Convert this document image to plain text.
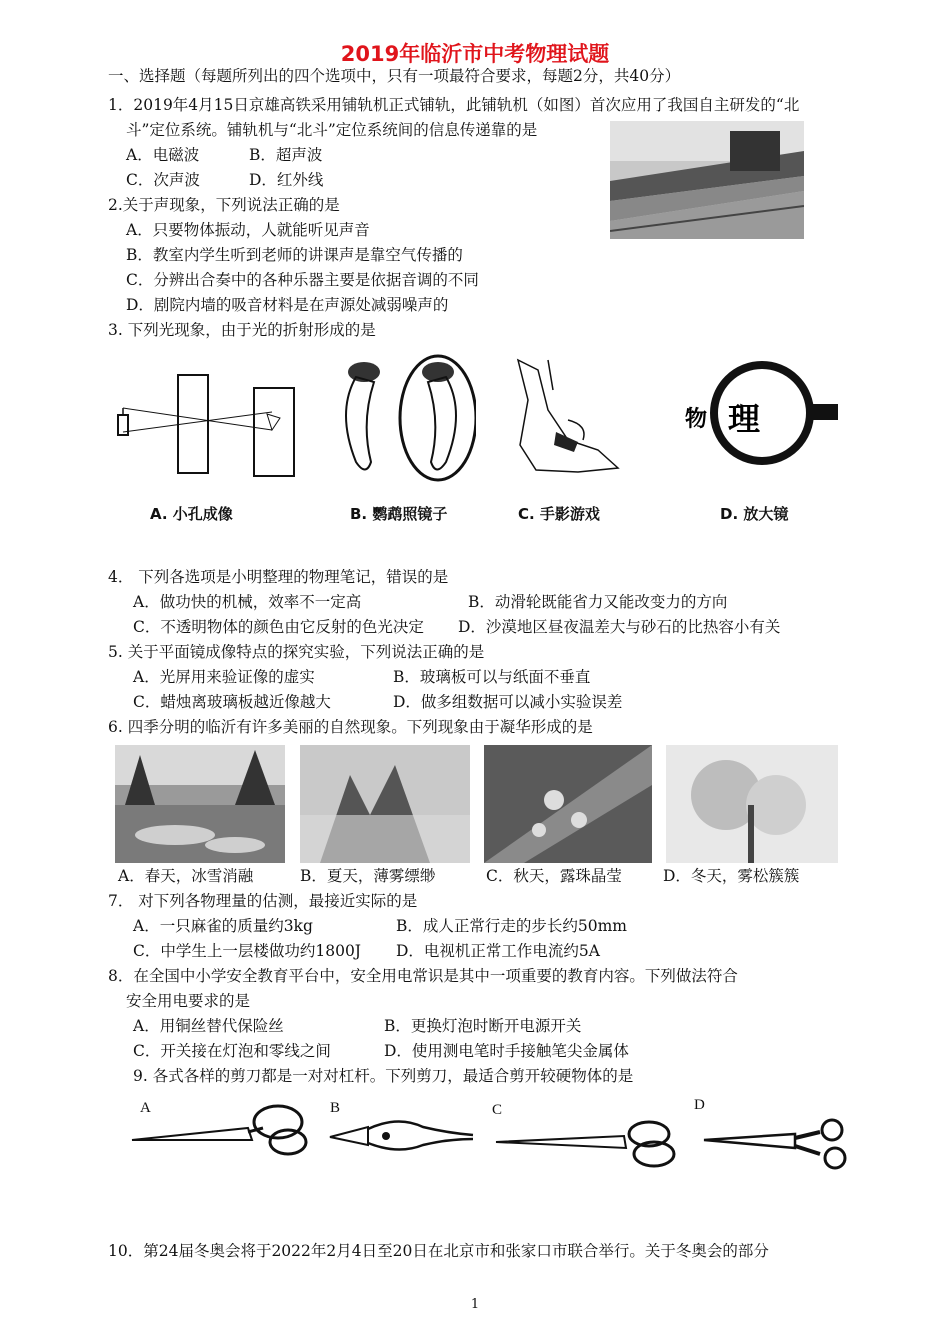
2019年临沂市中考物理试题
一、选择题（每题所列出的四个选项中，只有一项最符合要求，每题2分，共40分）
1．2019年4月15日京雄高铁采用铺轨机正式铺轨，此铺轨机（如图）首次应用了我国自主研发的“北
斗”定位系统。铺轨机与“北斗”定位系统间的信息传递靠的是
A．电磁波	B．超声波
C．次声波	D．红外线
2.关于声现象，下列说法正确的是
A．只要物体振动，人就能听见声音
B．教室内学生听到老师的讲课声是靠空气传播的
C．分辨出合奏中的各种乐器主要是依据音调的不同
D．剧院内墙的吸音材料是在声源处减弱噪声的
3. 下列光现象，由于光的折射形成的是
物 理
A. 小孔成像	B. 鹦鹉照镜子	C. 手影游戏	D. 放大镜
4． 下列各选项是小明整理的物理笔记，错误的是
A．做功快的机械，效率不一定高	B．动滑轮既能省力又能改变力的方向
C．不透明物体的颜色由它反射的色光决定 D．沙漠地区昼夜温差大与砂石的比热容小有关
5. 关于平面镜成像特点的探究实验，下列说法正确的是
A．光屏用来验证像的虚实	B．玻璃板可以与纸面不垂直
C．蜡烛离玻璃板越近像越大	D．做多组数据可以减小实验误差
6. 四季分明的临沂有许多美丽的自然现象。下列现象由于凝华形成的是
A．春天，冰雪消融	B．夏天，薄雾缥缈	C．秋天，露珠晶莹	D．冬天，雾松簇簇
7． 对下列各物理量的估测，最接近实际的是
A．一只麻雀的质量约3kg	B．成人正常行走的步长约50mm
C．中学生上一层楼做功约1800J D．电视机正常工作电流约5A
8．在全国中小学安全教育平台中，安全用电常识是其中一项重要的教育内容。下列做法符合
安全用电要求的是
A．用铜丝替代保险丝	B．更换灯泡时断开电源开关
C．开关接在灯泡和零线之间	D．使用测电笔时手接触笔尖金属体
9. 各式各样的剪刀都是一对对杠杆。下列剪刀，最适合剪开较硬物体的是
A	B	C	D
10．第24届冬奥会将于2022年2月4日至20日在北京市和张家口市联合举行。关于冬奥会的部分
1
